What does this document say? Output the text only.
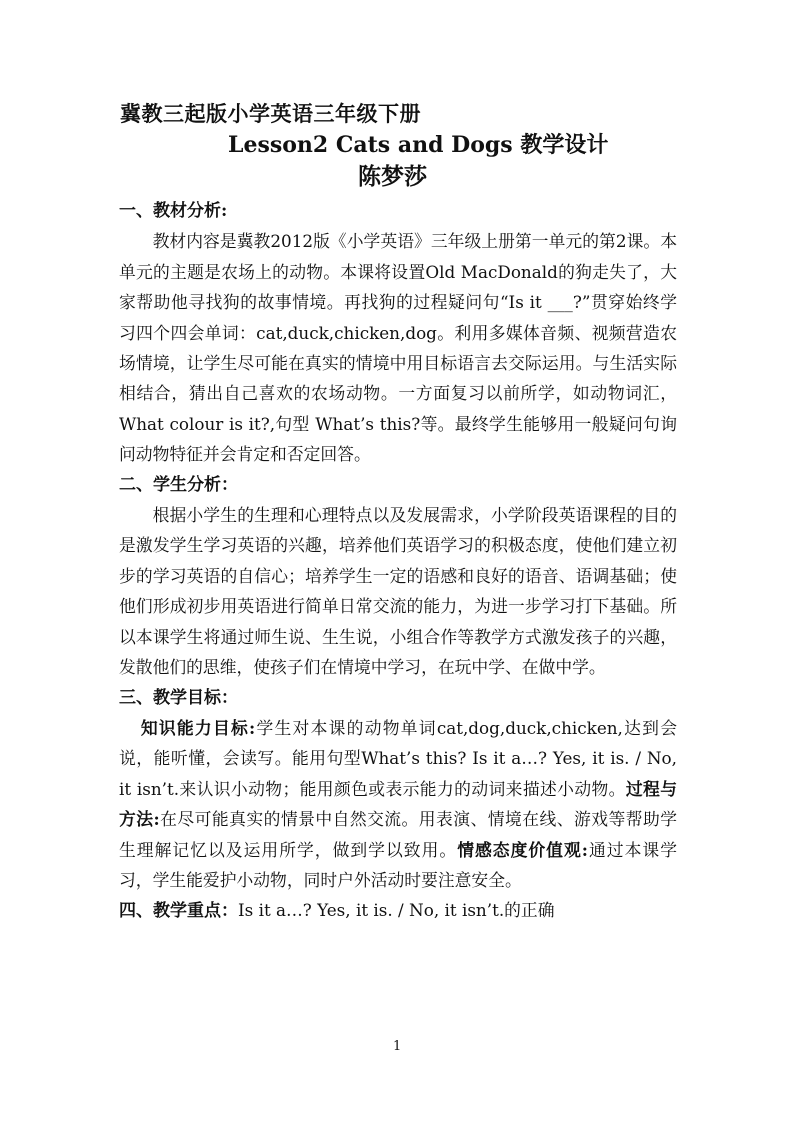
冀教三起版小学英语三年级下册
Lesson2 Cats and Dogs 教学设计
陈梦莎

一、教材分析:

教材内容是冀教2012版《小学英语》三年级上册第一单元的第2课。本单元的主题是农场上的动物。本课将设置Old MacDonald的狗走失了，大家帮助他寻找狗的故事情境。再找狗的过程疑问句“Is it ___?”贯穿始终学习四个四会单词：cat,duck,chicken,dog。利用多媒体音频、视频营造农场情境，让学生尽可能在真实的情境中用目标语言去交际运用。与生活实际相结合，猜出自己喜欢的农场动物。一方面复习以前所学，如动物词汇，What colour is it?,句型 What’s this?等。最终学生能够用一般疑问句询问动物特征并会肯定和否定回答。

二、学生分析：

根据小学生的生理和心理特点以及发展需求，小学阶段英语课程的目的是激发学生学习英语的兴趣，培养他们英语学习的积极态度，使他们建立初步的学习英语的自信心；培养学生一定的语感和良好的语音、语调基础；使他们形成初步用英语进行简单日常交流的能力，为进一步学习打下基础。所以本课学生将通过师生说、生生说，小组合作等教学方式激发孩子的兴趣，发散他们的思维，使孩子们在情境中学习，在玩中学、在做中学。

三、教学目标：

知识能力目标:学生对本课的动物单词cat,dog,duck,chicken,达到会说，能听懂，会读写。能用句型What’s this? Is it a…? Yes, it is. / No, it isn’t.来认识小动物；能用颜色或表示能力的动词来描述小动物。过程与方法:在尽可能真实的情景中自然交流。用表演、情境在线、游戏等帮助学生理解记忆以及运用所学，做到学以致用。情感态度价值观:通过本课学习，学生能爱护小动物，同时户外活动时要注意安全。

四、教学重点：Is it a…? Yes, it is. / No, it isn’t.的正确

1
